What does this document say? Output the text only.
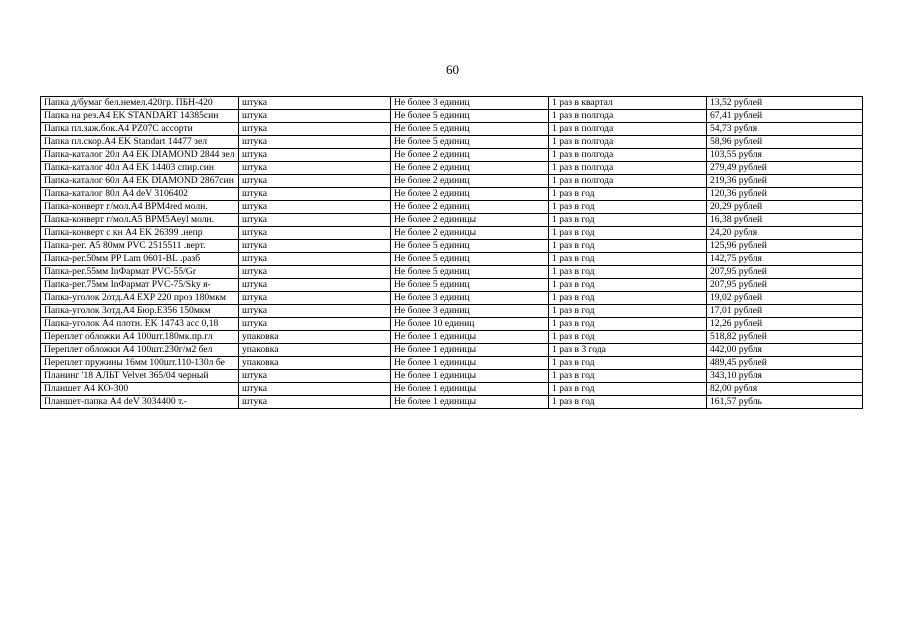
60
Папка д/бумаг бел.немел.420гр. ПБН-420	штука	Не более 3 единиц	1 раз в квартал	13,52 рублей
Папка на рез.А4 EK STANDART 14385син	штука	Не более 5 единиц	1 раз в полгода	67,41 рублей
Папка пл.заж.бок.А4 PZ07C ассорти	штука	Не более 5 единиц	1 раз в полгода	54,73 рубля
Папка пл.скор.А4 EK Standart 14477 зел	штука	Не более 5 единиц	1 раз в полгода	58,96 рублей
Папка-каталог 20л А4 EK DIAMOND 2844 зел	штука	Не более 2 единиц	1 раз в полгода	103,55 рубля
Папка-каталог 40л А4 EK 14403 спир.син	штука	Не более 2 единиц	1 раз в полгода	279,49 рублей
Папка-каталог 60л А4 EK DIAMOND 2867син	штука	Не более 2 единиц	1 раз в полгода	219,36 рублей
Папка-каталог 80л А4 deV 3106402	штука	Не более 2 единиц	1 раз в год	120,36 рублей
Папка-конверт г/мол.А4 BPM4red молн.	штука	Не более 2 единиц	1 раз в год	20,29 рублей
Папка-конверт г/мол.А5 BPM5Aeyl молн.	штука	Не более 2 единицы	1 раз в год	16,38 рублей
Папка-конверт с кн А4 EK 26399 .непр	штука	Не более 2 единицы	1 раз в год	24,20 рубля
Папка-рег. А5 80мм PVC 2515511 .верт.	штука	Не более 5 единиц	1 раз в год	125,96 рублей
Папка-рег.50мм PP Lam 0601-BL .разб	штука	Не более 5 единиц	1 раз в год	142,75 рубля
Папка-рег.55мм InФармат PVC-55/Gr	штука	Не более 5 единиц	1 раз в год	207,95 рублей
Папка-рег.75мм InФармат PVC-75/Sky я-	штука	Не более 5 единиц	1 раз в год	207,95 рублей
Папка-уголок 2отд.А4 EXP 220 проз 180мкм	штука	Не более 3 единиц	1 раз в год	19,02 рублей
Папка-уголок 3отд.А4 Бюр.E356 150мкм	штука	Не более 3 единиц	1 раз в год	17,01 рублей
Папка-уголок А4 плотн. EK 14743 асс 0,18	штука	Не более 10 единиц	1 раз в год	12,26 рублей
Переплет обложки А4 100шт.180мк.пр.гл	упаковка	Не более 1 единицы	1 раз в год	518,82 рублей
Переплет обложки А4 100шт.230г/м2 бел	упаковка	Не более 1 единицы	1 раз в 3 года	442,00 рубля
Переплет пружины 16мм 100шт.110-130л бе	упаковка	Не более 1 единицы	1 раз в год	489,45 рублей
Планинг '18 АЛЬТ Velvet 365/04 черный	штука	Не более 1 единицы	1 раз в год	343,10 рубля
Планшет А4 КО-300	штука	Не более 1 единицы	1 раз в год	82,00 рубля
Планшет-папка А4 deV 3034400 т.-	штука	Не более 1 единицы	1 раз в год	161,57 рубль
